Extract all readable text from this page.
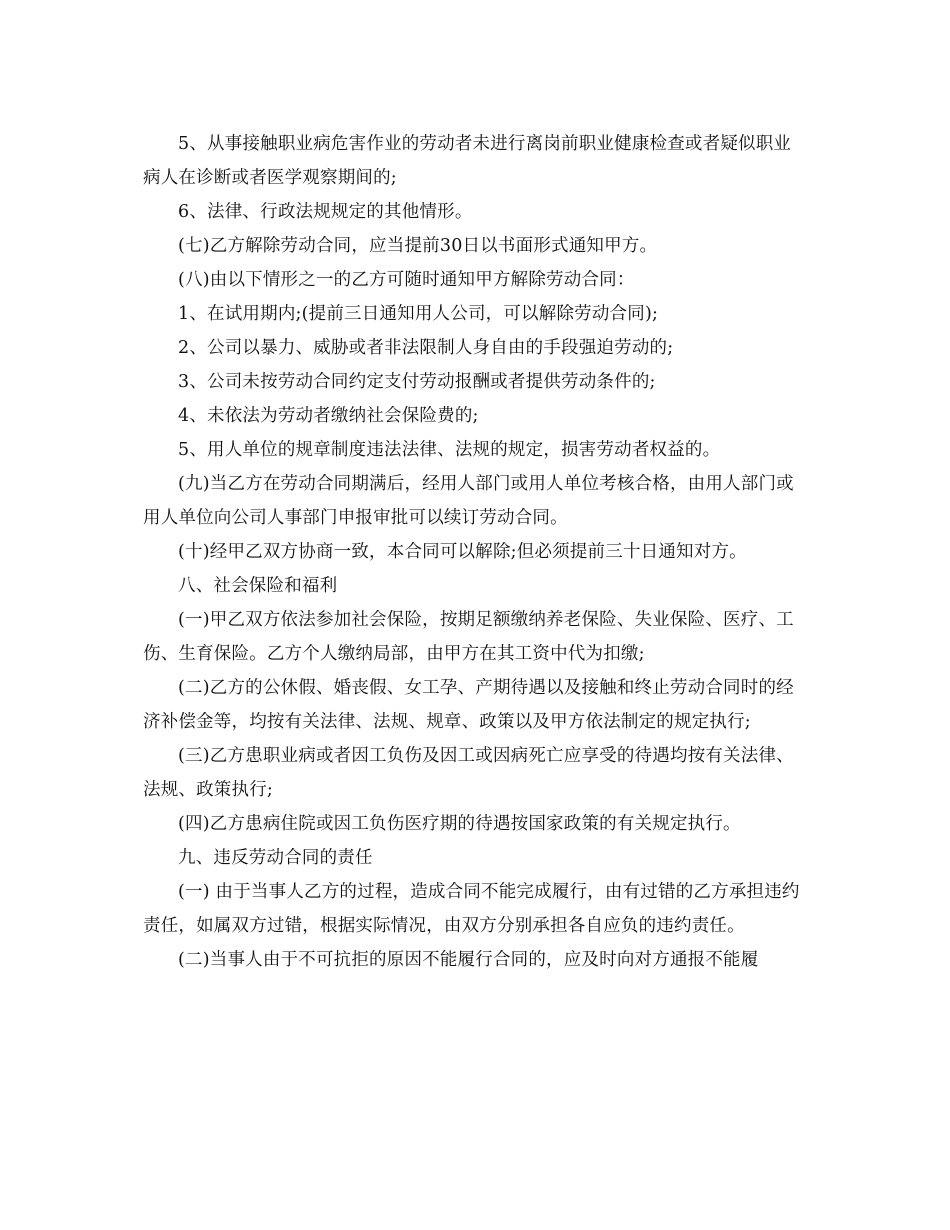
5、从事接触职业病危害作业的劳动者未进行离岗前职业健康检查或者疑似职业病人在诊断或者医学观察期间的;

6、法律、行政法规规定的其他情形。

(七)乙方解除劳动合同，应当提前30日以书面形式通知甲方。

(八)由以下情形之一的乙方可随时通知甲方解除劳动合同：

1、在试用期内;(提前三日通知用人公司，可以解除劳动合同);

2、公司以暴力、威胁或者非法限制人身自由的手段强迫劳动的;

3、公司未按劳动合同约定支付劳动报酬或者提供劳动条件的;

4、未依法为劳动者缴纳社会保险费的;

5、用人单位的规章制度违法法律、法规的规定，损害劳动者权益的。

(九)当乙方在劳动合同期满后，经用人部门或用人单位考核合格，由用人部门或用人单位向公司人事部门申报审批可以续订劳动合同。

(十)经甲乙双方协商一致，本合同可以解除;但必须提前三十日通知对方。

八、社会保险和福利

(一)甲乙双方依法参加社会保险，按期足额缴纳养老保险、失业保险、医疗、工伤、生育保险。乙方个人缴纳局部，由甲方在其工资中代为扣缴;

(二)乙方的公休假、婚丧假、女工孕、产期待遇以及接触和终止劳动合同时的经济补偿金等，均按有关法律、法规、规章、政策以及甲方依法制定的规定执行;

(三)乙方患职业病或者因工负伤及因工或因病死亡应享受的待遇均按有关法律、法规、政策执行;

(四)乙方患病住院或因工负伤医疗期的待遇按国家政策的有关规定执行。

九、违反劳动合同的责任

(一) 由于当事人乙方的过程，造成合同不能完成履行，由有过错的乙方承担违约责任，如属双方过错，根据实际情况，由双方分别承担各自应负的违约责任。

(二)当事人由于不可抗拒的原因不能履行合同的，应及时向对方通报不能履
